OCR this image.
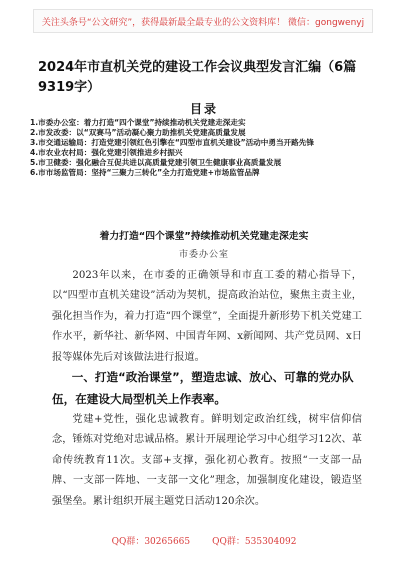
关注头条号“公文研究”，获得最新最全最专业的公文资料库！ 微信：gongwenyj
2024年市直机关党的建设工作会议典型发言汇编（6篇9319字）
目录
1.市委办公室：着力打造“四个课堂”持续推动机关党建走深走实
2.市发改委：以“双赛马”活动凝心聚力助推机关党建高质量发展
3.市交通运输局：打造党建引领红色引擎在“四型市直机关建设”活动中勇当开路先锋
4.市农业农村局：强化党建引领推进乡村振兴
5.市卫健委：强化融合互促共进以高质量党建引领卫生健康事业高质量发展
6.市市场监管局：坚持“三聚力三转化”全力打造党建+市场监管品牌
着力打造“四个课堂”持续推动机关党建走深走实
市委办公室
2023年以来，在市委的正确领导和市直工委的精心指导下，以“四型市直机关建设”活动为契机，提高政治站位，聚焦主责主业，强化担当作为，着力打造“四个课堂”，全面提升新形势下机关党建工作水平，新华社、新华网、中国青年网、x新闻网、共产党员网、x日报等媒体先后对该做法进行报道。
一、打造“政治课堂”，塑造忠诚、放心、可靠的党办队伍，在建设大局型机关上作表率。
党建+党性，强化忠诚教育。鲜明划定政治红线，树牢信仰信念，锤炼对党绝对忠诚品格。累计开展理论学习中心组学习12次、革命传统教育11次。支部+支撑，强化初心教育。按照“一支部一品牌、一支部一阵地、一支部一文化”理念，加强制度化建设，锻造坚强堡垒。累计组织开展主题党日活动120余次。
QQ群：30265665 QQ群：535304092
